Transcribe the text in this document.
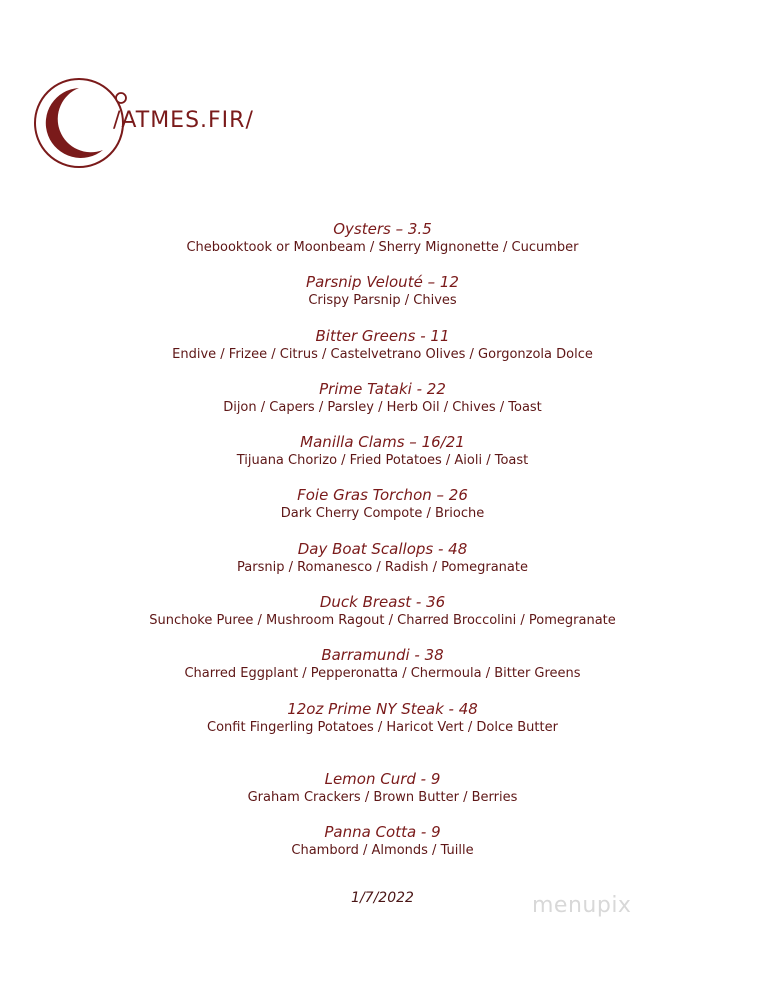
/ATMES.FIR/
Oysters – 3.5
Chebooktook or Moonbeam / Sherry Mignonette / Cucumber
Parsnip Velouté – 12
Crispy Parsnip / Chives
Bitter Greens - 11
Endive / Frizee / Citrus / Castelvetrano Olives / Gorgonzola Dolce
Prime Tataki - 22
Dijon / Capers / Parsley / Herb Oil / Chives / Toast
Manilla Clams – 16/21
Tijuana Chorizo / Fried Potatoes / Aioli / Toast
Foie Gras Torchon – 26
Dark Cherry Compote / Brioche
Day Boat Scallops - 48
Parsnip / Romanesco / Radish / Pomegranate
Duck Breast - 36
Sunchoke Puree / Mushroom Ragout / Charred Broccolini / Pomegranate
Barramundi - 38
Charred Eggplant / Pepperonatta / Chermoula / Bitter Greens
12oz Prime NY Steak - 48
Confit Fingerling Potatoes / Haricot Vert / Dolce Butter
Lemon Curd - 9
Graham Crackers / Brown Butter / Berries
Panna Cotta - 9
Chambord / Almonds / Tuille
1/7/2022	menupix
